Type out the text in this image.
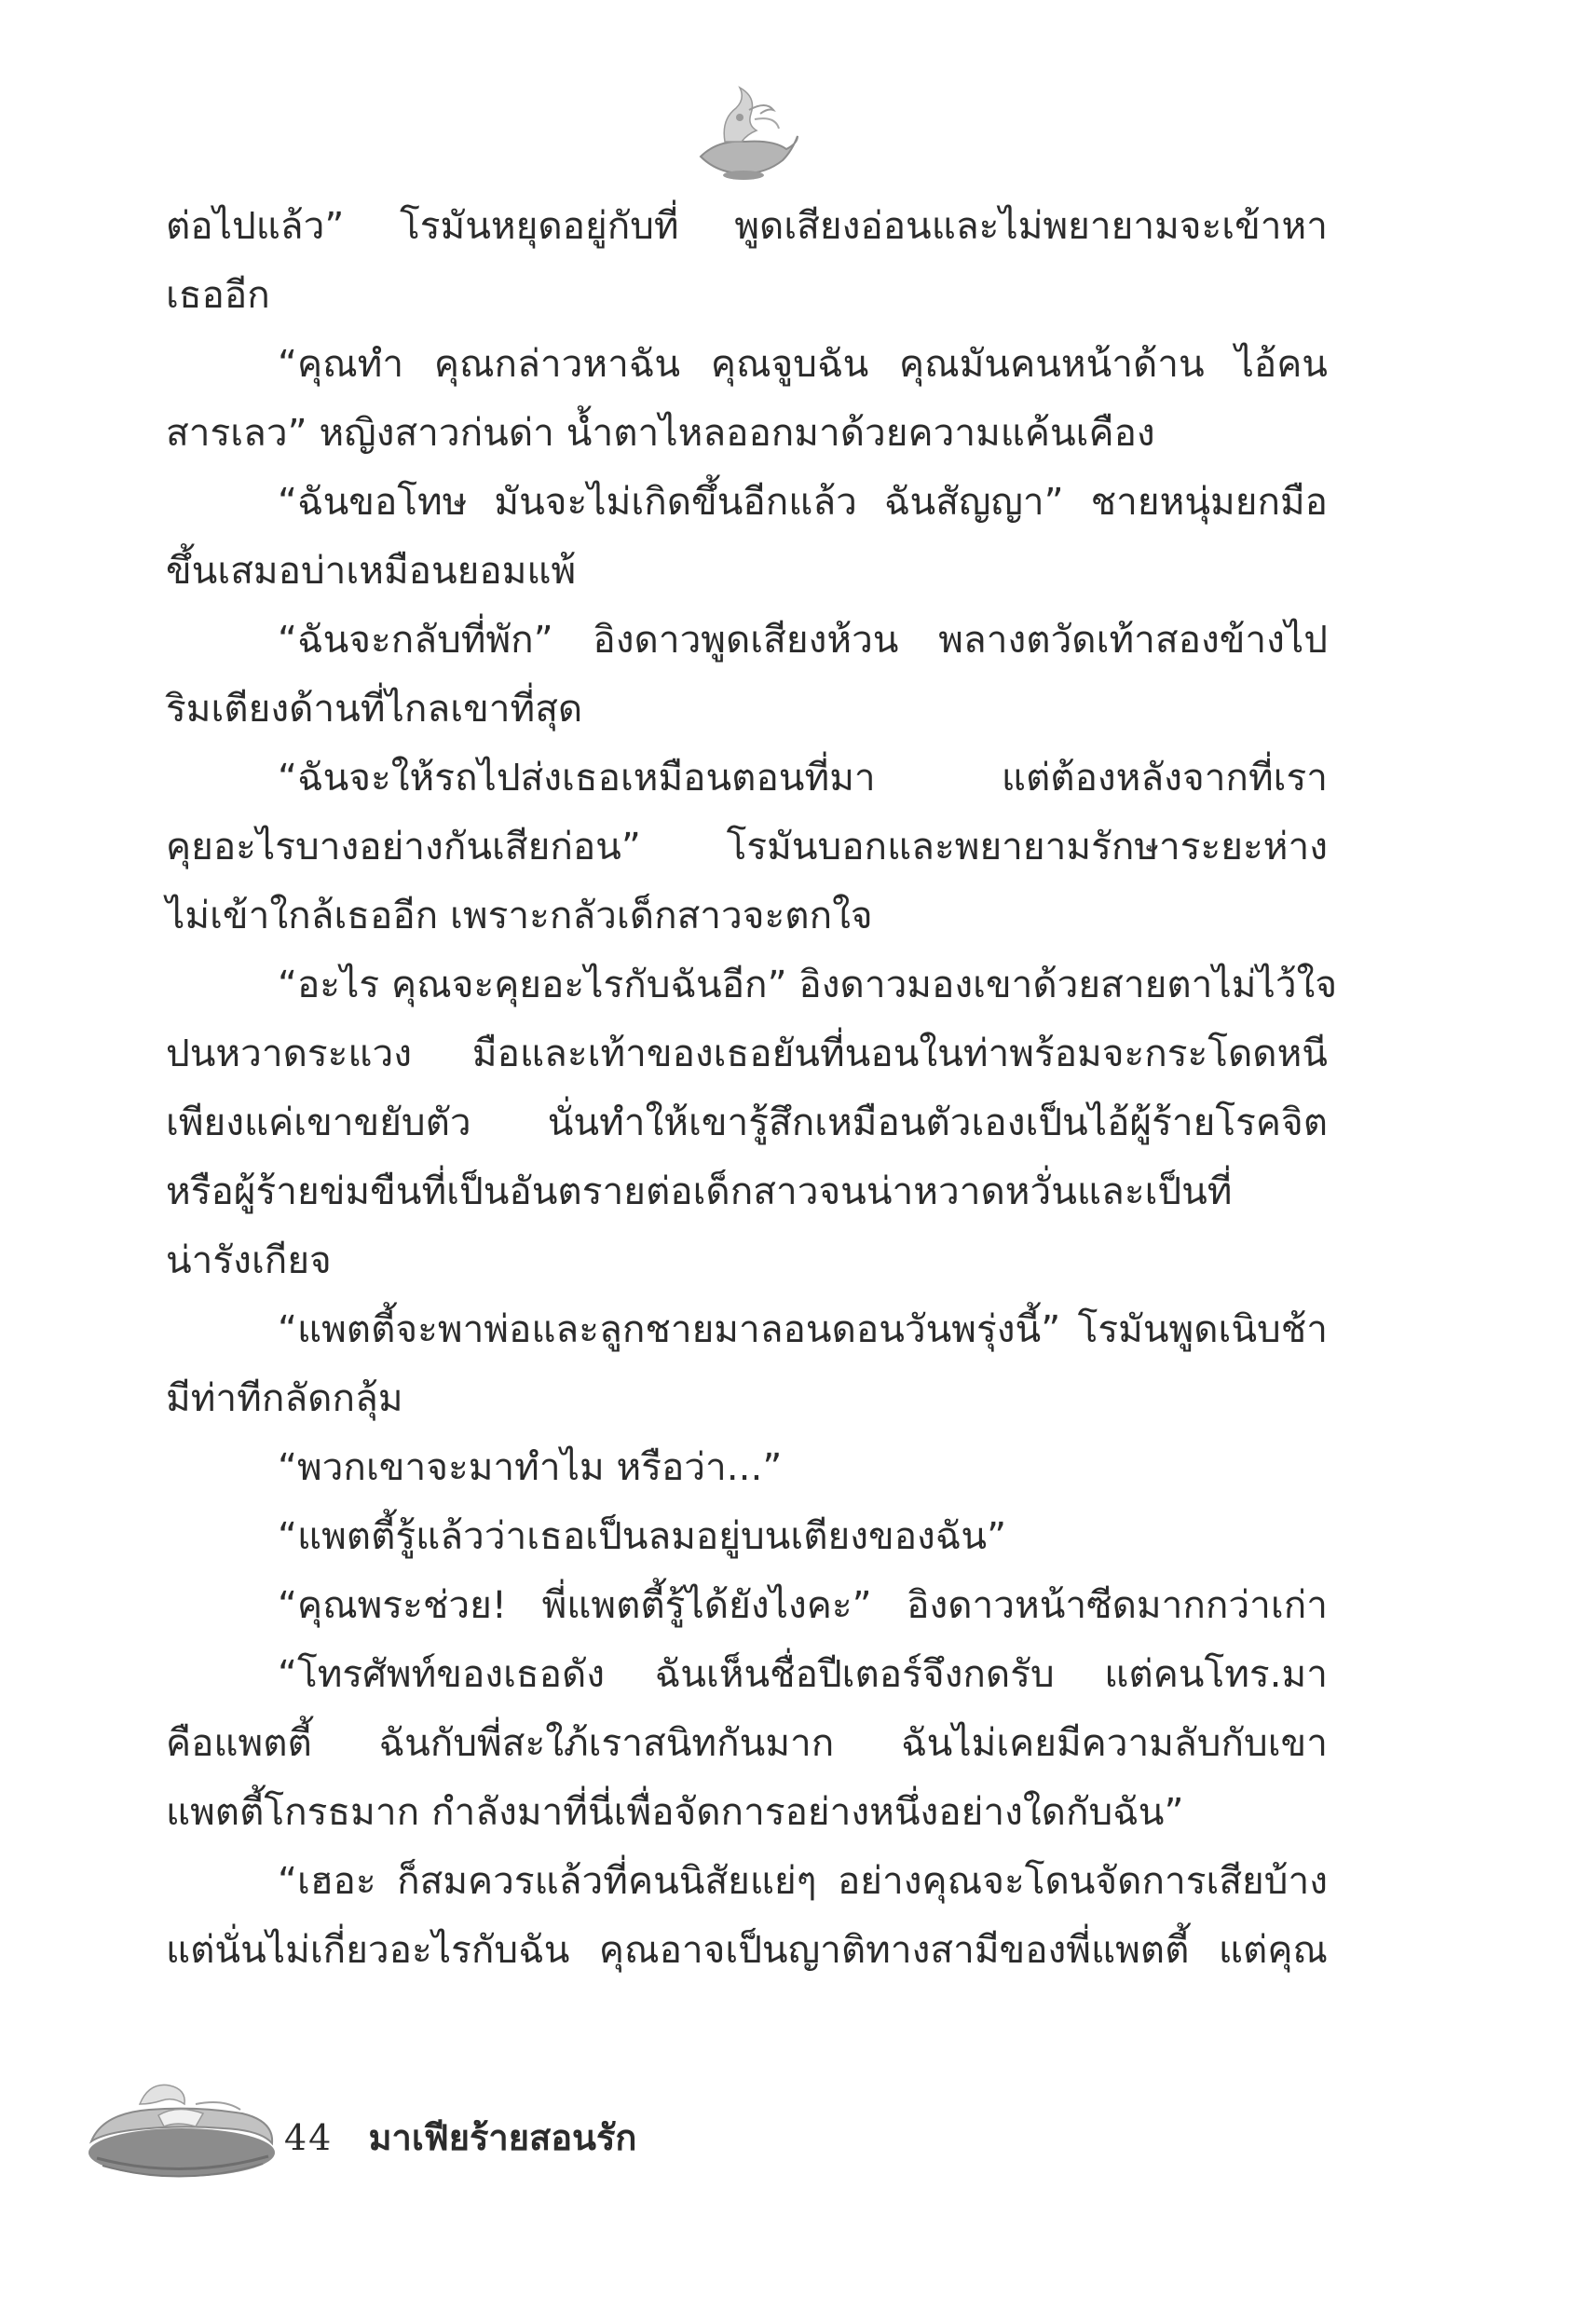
ต่อไปแล้ว” โรมันหยุดอยู่กับที่ พูดเสียงอ่อนและไม่พยายามจะเข้าหา
เธออีก
“คุณทำ คุณกล่าวหาฉัน คุณจูบฉัน คุณมันคนหน้าด้าน ไอ้คน
สารเลว” หญิงสาวก่นด่า น้ำตาไหลออกมาด้วยความแค้นเคือง
“ฉันขอโทษ มันจะไม่เกิดขึ้นอีกแล้ว ฉันสัญญา” ชายหนุ่มยกมือ
ขึ้นเสมอบ่าเหมือนยอมแพ้
“ฉันจะกลับที่พัก” อิงดาวพูดเสียงห้วน พลางตวัดเท้าสองข้างไป
ริมเตียงด้านที่ไกลเขาที่สุด
“ฉันจะให้รถไปส่งเธอเหมือนตอนที่มา แต่ต้องหลังจากที่เรา
คุยอะไรบางอย่างกันเสียก่อน” โรมันบอกและพยายามรักษาระยะห่าง
ไม่เข้าใกล้เธออีก เพราะกลัวเด็กสาวจะตกใจ
“อะไร คุณจะคุยอะไรกับฉันอีก” อิงดาวมองเขาด้วยสายตาไม่ไว้ใจ
ปนหวาดระแวง มือและเท้าของเธอยันที่นอนในท่าพร้อมจะกระโดดหนี
เพียงแค่เขาขยับตัว นั่นทำให้เขารู้สึกเหมือนตัวเองเป็นไอ้ผู้ร้ายโรคจิต
หรือผู้ร้ายข่มขืนที่เป็นอันตรายต่อเด็กสาวจนน่าหวาดหวั่นและเป็นที่
น่ารังเกียจ
“แพตตี้จะพาพ่อและลูกชายมาลอนดอนวันพรุ่งนี้” โรมันพูดเนิบช้า
มีท่าทีกลัดกลุ้ม
“พวกเขาจะมาทำไม หรือว่า...”
“แพตตี้รู้แล้วว่าเธอเป็นลมอยู่บนเตียงของฉัน”
“คุณพระช่วย! พี่แพตตี้รู้ได้ยังไงคะ” อิงดาวหน้าซีดมากกว่าเก่า
“โทรศัพท์ของเธอดัง ฉันเห็นชื่อปีเตอร์จึงกดรับ แต่คนโทร.มา
คือแพตตี้ ฉันกับพี่สะใภ้เราสนิทกันมาก ฉันไม่เคยมีความลับกับเขา
แพตตี้โกรธมาก กำลังมาที่นี่เพื่อจัดการอย่างหนึ่งอย่างใดกับฉัน”
“เฮอะ ก็สมควรแล้วที่คนนิสัยแย่ๆ อย่างคุณจะโดนจัดการเสียบ้าง
แต่นั่นไม่เกี่ยวอะไรกับฉัน คุณอาจเป็นญาติทางสามีของพี่แพตตี้ แต่คุณ
44 มาเฟียร้ายสอนรัก
